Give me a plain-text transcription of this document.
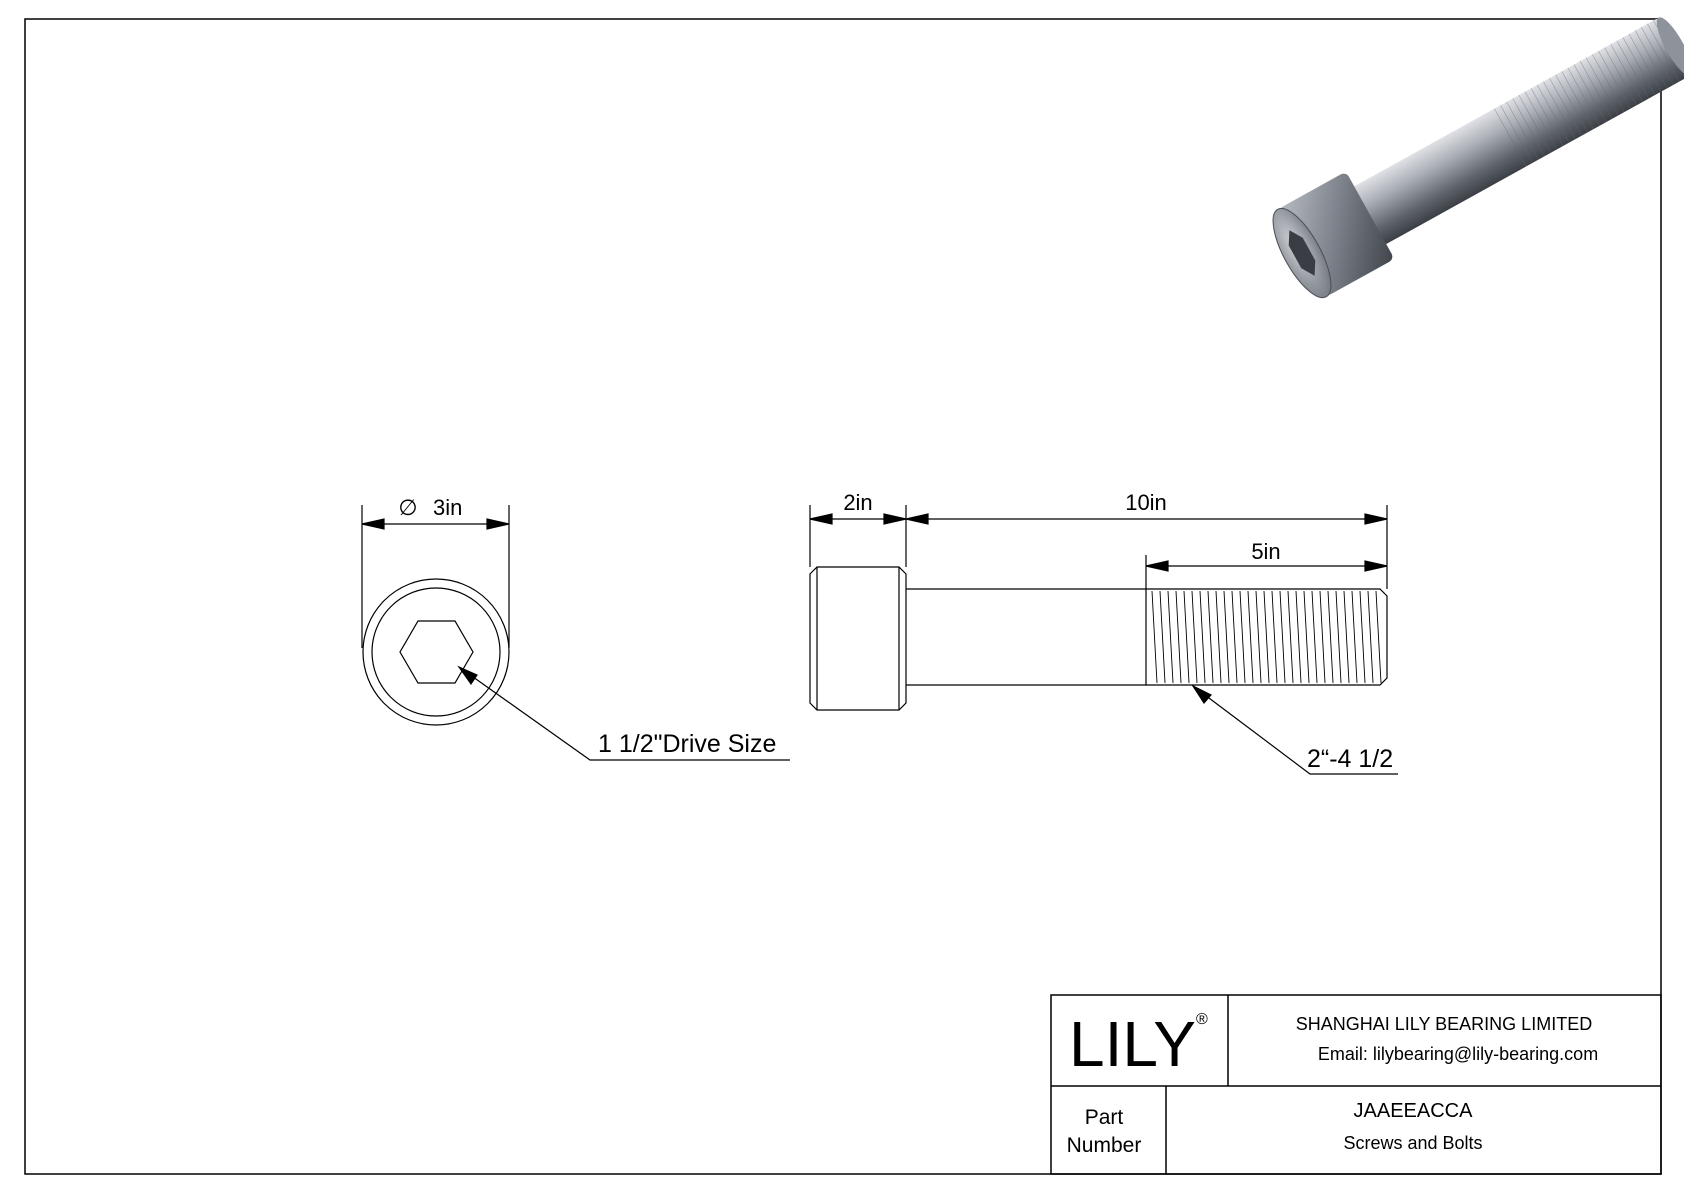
∅ 3in
1 1/2"Drive Size
2in	10in
5in
2“-4 1/2
LILY ®	SHANGHAI LILY BEARING LIMITED
Email: lilybearing@lily-bearing.com
Part
Number
JAAEEACCA
Screws and Bolts
